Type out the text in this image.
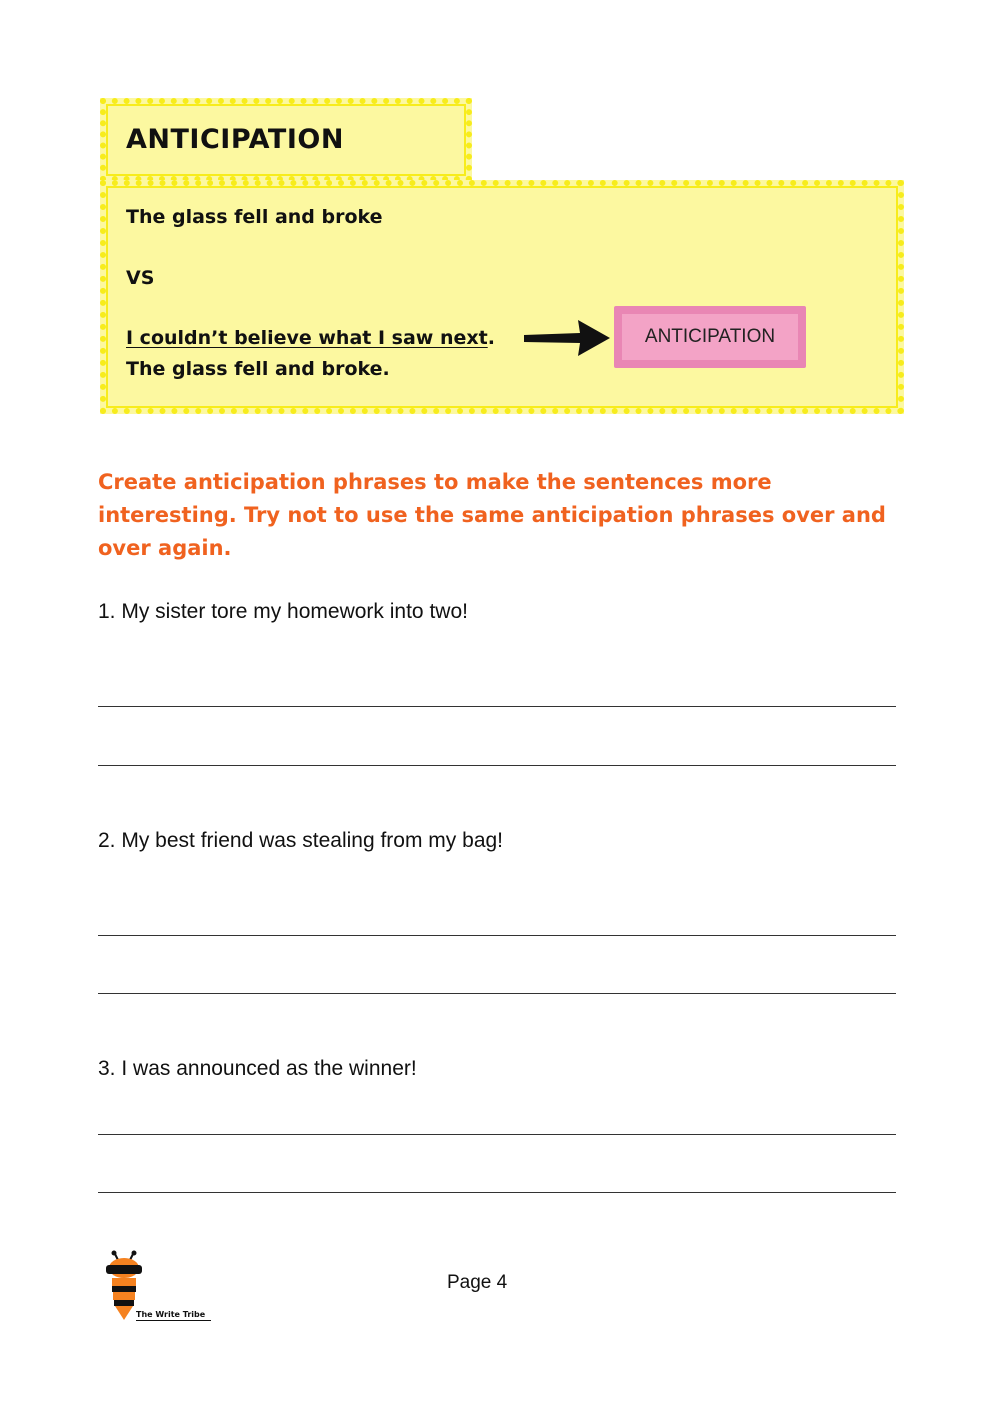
ANTICIPATION
The glass fell and broke
VS
I couldn’t believe what I saw next.
The glass fell and broke.
ANTICIPATION
Create anticipation phrases to make the sentences more interesting. Try not to use the same anticipation phrases over and over again.
1. My sister tore my homework into two!
2. My best friend was stealing from my bag!
3. I was announced as the winner!
The Write Tribe
Page 4
